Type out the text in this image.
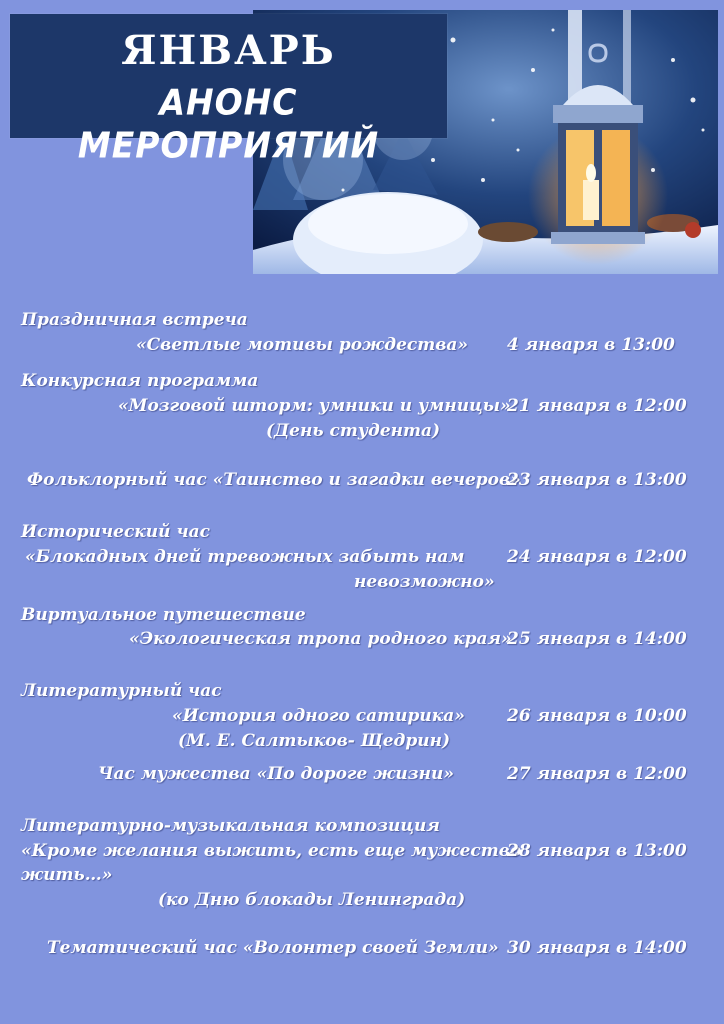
ЯНВАРЬ
АНОНС МЕРОПРИЯТИЙ
Праздничная встреча
«Светлые мотивы рождества» 4 января в 13:00
Конкурсная программа
«Мозговой шторм: умники и умницы»
21 января в 12:00
(День студента)
Фольклорный час «Таинство и загадки вечеров»
23 января в 13:00
Исторический час
«Блокадных дней тревожных забыть нам 24 января в 12:00
невозможно»
Виртуальное путешествие
«Экологическая тропа родного края»
25 января в 14:00
Литературный час
«История одного сатирика» 26 января в 10:00
(М. Е. Салтыков- Щедрин)
Час мужества «По дороге жизни»	27 января в 12:00
Литературно-музыкальная композиция
«Кроме желания выжить, есть еще мужество
28 января в 13:00
жить…»
(ко Дню блокады Ленинграда)
Тематический час «Волонтер своей Земли» 30 января в 14:00
